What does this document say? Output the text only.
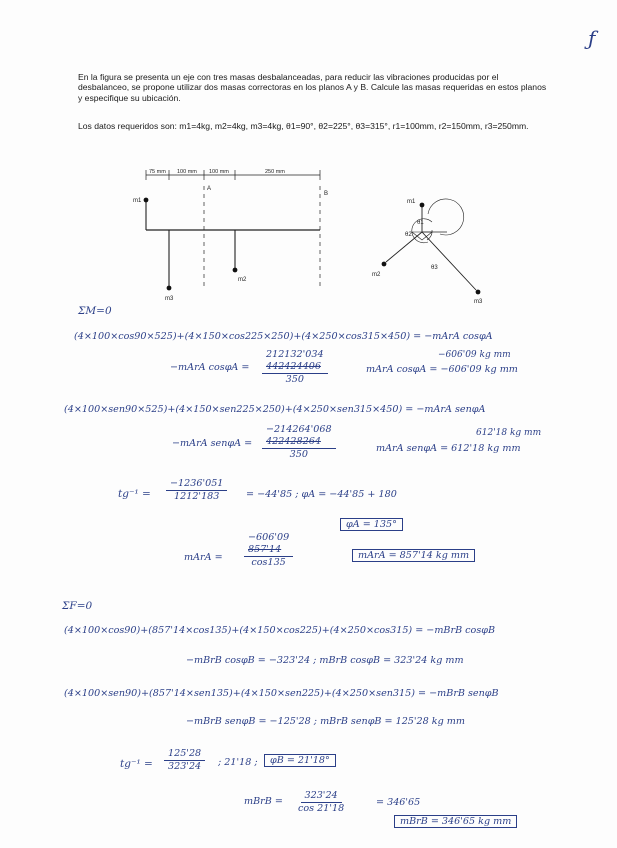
ƒ
En la figura se presenta un eje con tres masas desbalanceadas, para reducir las vibraciones producidas por el desbalanceo, se propone utilizar dos masas correctoras en los planos A y B. Calcule las masas requeridas en estos planos y especifique su ubicación.
Los datos requeridos son: m1=4kg, m2=4kg, m3=4kg, θ1=90°, θ2=225°, θ3=315°, r1=100mm, r2=150mm, r3=250mm.
75 mm 100 mm 100 mm	250 mm
A
B
m1
m3
m2
m1
m2
m3
θ1
θ2
θ3
ΣM=0
(4×100×cos90×525)+(4×150×cos225×250)+(4×250×cos315×450) = −mArA cosφA
−mArA cosφA =
212132'034
442424406
350
−606'09 kg mm
mArA cosφA = −606'09 kg mm
(4×100×sen90×525)+(4×150×sen225×250)+(4×250×sen315×450) = −mArA senφA
−mArA senφA =
−214264'068
422428264
350
612'18 kg mm
mArA senφA = 612'18 kg mm
$tg^{-1} = \frac{-1236'051}{1212'183} = -44'85$ ; φA = −44'85 + 180
φA = 135°
mArA =
−606'09
857'14
cos135
mArA = 857'14 kg mm
ΣF=0
(4×100×cos90)+(857'14×cos135)+(4×150×cos225)+(4×250×cos315) = −mBrB cosφB
−mBrB cosφB = −323'24 ; mBrB cosφB = 323'24 kg mm
(4×100×sen90)+(857'14×sen135)+(4×150×sen225)+(4×250×sen315) = −mBrB senφB
−mBrB senφB = −125'28 ; mBrB senφB = 125'28 kg mm
$tg^{-1} = \frac{125'28}{323'24}$ ; 21'18 ;	φB = 21'18°
mBrB = $\frac{323'24}{\cos 21'18}$	= 346'65
mBrB = 346'65 kg mm
